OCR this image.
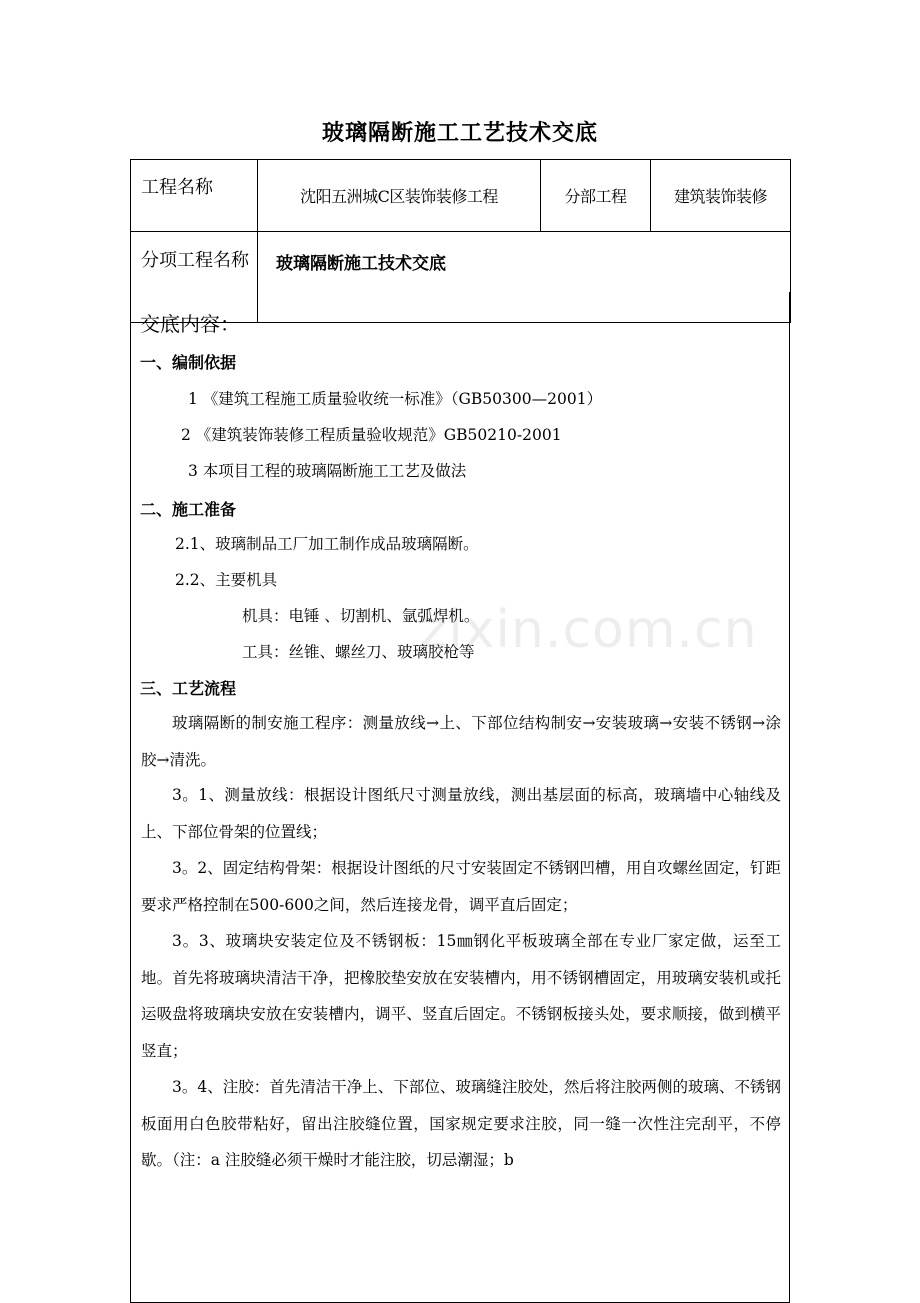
玻璃隔断施工工艺技术交底
工程名称	沈阳五洲城C区装饰装修工程	分部工程	建筑装饰装修
分项工程名称	玻璃隔断施工技术交底		
交底内容：
一、编制依据
1 《建筑工程施工质量验收统一标准》（GB50300—2001）
2 《建筑装饰装修工程质量验收规范》GB50210-2001
3 本项目工程的玻璃隔断施工工艺及做法
二、施工准备
2.1、玻璃制品工厂加工制作成品玻璃隔断。
2.2、主要机具
机具：电锤 、切割机、氩弧焊机。
工具：丝锥、螺丝刀、玻璃胶枪等
三、工艺流程
玻璃隔断的制安施工程序：测量放线→上、下部位结构制安→安装玻璃→安装不锈钢→涂胶→清洗。
3。1、测量放线：根据设计图纸尺寸测量放线，测出基层面的标高，玻璃墙中心轴线及上、下部位骨架的位置线；
3。2、固定结构骨架：根据设计图纸的尺寸安装固定不锈钢凹槽，用自攻螺丝固定，钉距要求严格控制在500-600之间，然后连接龙骨，调平直后固定；
3。3、玻璃块安装定位及不锈钢板：15㎜钢化平板玻璃全部在专业厂家定做，运至工地。首先将玻璃块清洁干净，把橡胶垫安放在安装槽内，用不锈钢槽固定，用玻璃安装机或托运吸盘将玻璃块安放在安装槽内，调平、竖直后固定。不锈钢板接头处，要求顺接，做到横平竖直；
3。4、注胶：首先清洁干净上、下部位、玻璃缝注胶处，然后将注胶两侧的玻璃、不锈钢板面用白色胶带粘好，留出注胶缝位置，国家规定要求注胶，同一缝一次性注完刮平，不停歇。（注：a 注胶缝必须干燥时才能注胶，切忌潮湿；b
zixin.com.cn
